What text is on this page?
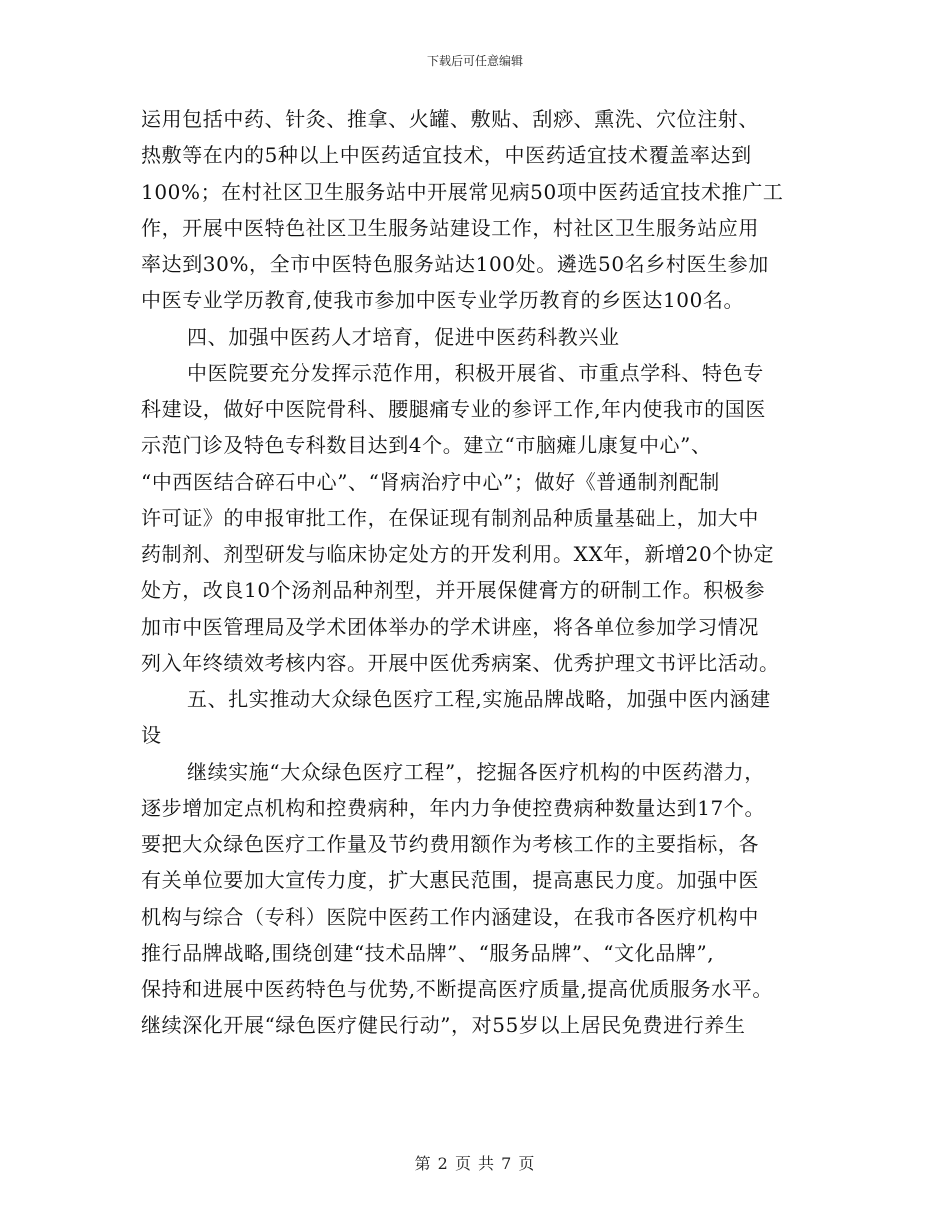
下载后可任意编辑
运用包括中药、针灸、推拿、火罐、敷贴、刮痧、熏洗、穴位注射、
热敷等在内的5种以上中医药适宜技术，中医药适宜技术覆盖率达到
100%；在村社区卫生服务站中开展常见病50项中医药适宜技术推广工
作，开展中医特色社区卫生服务站建设工作，村社区卫生服务站应用
率达到30%，全市中医特色服务站达100处。遴选50名乡村医生参加
中医专业学历教育,使我市参加中医专业学历教育的乡医达100名。
四、加强中医药人才培育，促进中医药科教兴业
中医院要充分发挥示范作用，积极开展省、市重点学科、特色专
科建设，做好中医院骨科、腰腿痛专业的参评工作,年内使我市的国医
示范门诊及特色专科数目达到4个。建立“市脑瘫儿康复中心”、
“中西医结合碎石中心”、“肾病治疗中心”；做好《普通制剂配制
许可证》的申报审批工作，在保证现有制剂品种质量基础上，加大中
药制剂、剂型研发与临床协定处方的开发利用。XX年，新增20个协定
处方，改良10个汤剂品种剂型，并开展保健膏方的研制工作。积极参
加市中医管理局及学术团体举办的学术讲座，将各单位参加学习情况
列入年终绩效考核内容。开展中医优秀病案、优秀护理文书评比活动。
五、扎实推动大众绿色医疗工程,实施品牌战略，加强中医内涵建
设
继续实施“大众绿色医疗工程”，挖掘各医疗机构的中医药潜力，
逐步增加定点机构和控费病种，年内力争使控费病种数量达到17个。
要把大众绿色医疗工作量及节约费用额作为考核工作的主要指标，各
有关单位要加大宣传力度，扩大惠民范围，提高惠民力度。加强中医
机构与综合（专科）医院中医药工作内涵建设，在我市各医疗机构中
推行品牌战略,围绕创建“技术品牌”、“服务品牌”、“文化品牌”,
保持和进展中医药特色与优势,不断提高医疗质量,提高优质服务水平。
继续深化开展“绿色医疗健民行动”，对55岁以上居民免费进行养生
第 2 页 共 7 页
